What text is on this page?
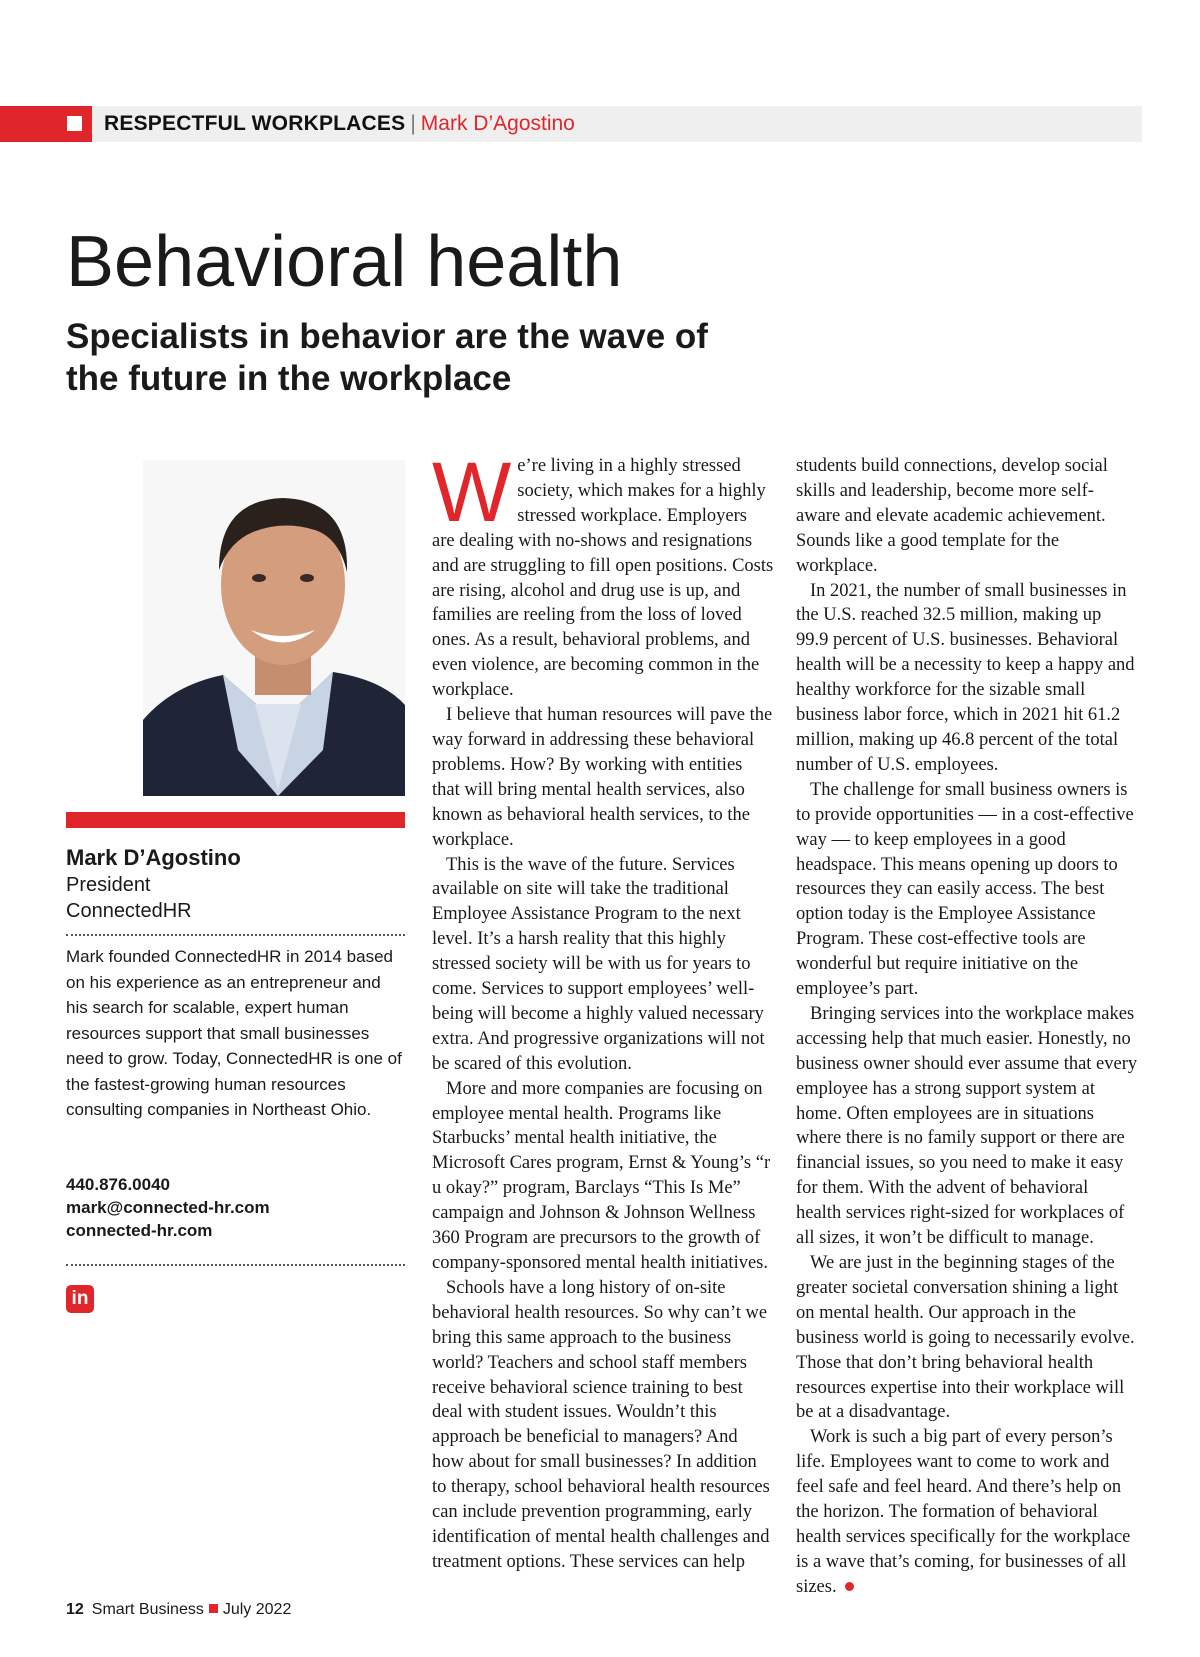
RESPECTFUL WORKPLACES | Mark D’Agostino
Behavioral health
Specialists in behavior are the wave of the future in the workplace
Mark D’Agostino
President
ConnectedHR

Mark founded ConnectedHR in 2014 based on his experience as an entrepreneur and his search for scalable, expert human resources support that small businesses need to grow. Today, ConnectedHR is one of the fastest-growing human resources consulting companies in Northeast Ohio.

440.876.0040
mark@connected-hr.com
connected-hr.com
in

We’re living in a highly stressed society, which makes for a highly stressed workplace. Employers are dealing with no-shows and resignations and are struggling to fill open positions. Costs are rising, alcohol and drug use is up, and families are reeling from the loss of loved ones. As a result, behavioral problems, and even violence, are becoming common in the workplace.

I believe that human resources will pave the way forward in addressing these behavioral problems. How? By working with entities that will bring mental health services, also known as behavioral health services, to the workplace.

This is the wave of the future. Services available on site will take the traditional Employee Assistance Program to the next level. It’s a harsh reality that this highly stressed society will be with us for years to come. Services to support employees’ well-being will become a highly valued necessary extra. And progressive organizations will not be scared of this evolution.

More and more companies are focusing on employee mental health. Programs like Starbucks’ mental health initiative, the Microsoft Cares program, Ernst & Young’s “r u okay?” program, Barclays “This Is Me” campaign and Johnson & Johnson Wellness 360 Program are precursors to the growth of company-sponsored mental health initiatives.

Schools have a long history of on-site behavioral health resources. So why can’t we bring this same approach to the business world? Teachers and school staff members receive behavioral science training to best deal with student issues. Wouldn’t this approach be beneficial to managers? And how about for small businesses? In addition to therapy, school behavioral health resources can include prevention programming, early identification of mental health challenges and treatment options. These services can help

students build connections, develop social skills and leadership, become more self-aware and elevate academic achievement. Sounds like a good template for the workplace.

In 2021, the number of small businesses in the U.S. reached 32.5 million, making up 99.9 percent of U.S. businesses. Behavioral health will be a necessity to keep a happy and healthy workforce for the sizable small business labor force, which in 2021 hit 61.2 million, making up 46.8 percent of the total number of U.S. employees.

The challenge for small business owners is to provide opportunities — in a cost-effective way — to keep employees in a good headspace. This means opening up doors to resources they can easily access. The best option today is the Employee Assistance Program. These cost-effective tools are wonderful but require initiative on the employee’s part.

Bringing services into the workplace makes accessing help that much easier. Honestly, no business owner should ever assume that every employee has a strong support system at home. Often employees are in situations where there is no family support or there are financial issues, so you need to make it easy for them. With the advent of behavioral health services right-sized for workplaces of all sizes, it won’t be difficult to manage.

We are just in the beginning stages of the greater societal conversation shining a light on mental health. Our approach in the business world is going to necessarily evolve. Those that don’t bring behavioral health resources expertise into their workplace will be at a disadvantage.

Work is such a big part of every person’s life. Employees want to come to work and feel safe and feel heard. And there’s help on the horizon. The formation of behavioral health services specifically for the workplace is a wave that’s coming, for businesses of all sizes.

12 Smart Business July 2022
